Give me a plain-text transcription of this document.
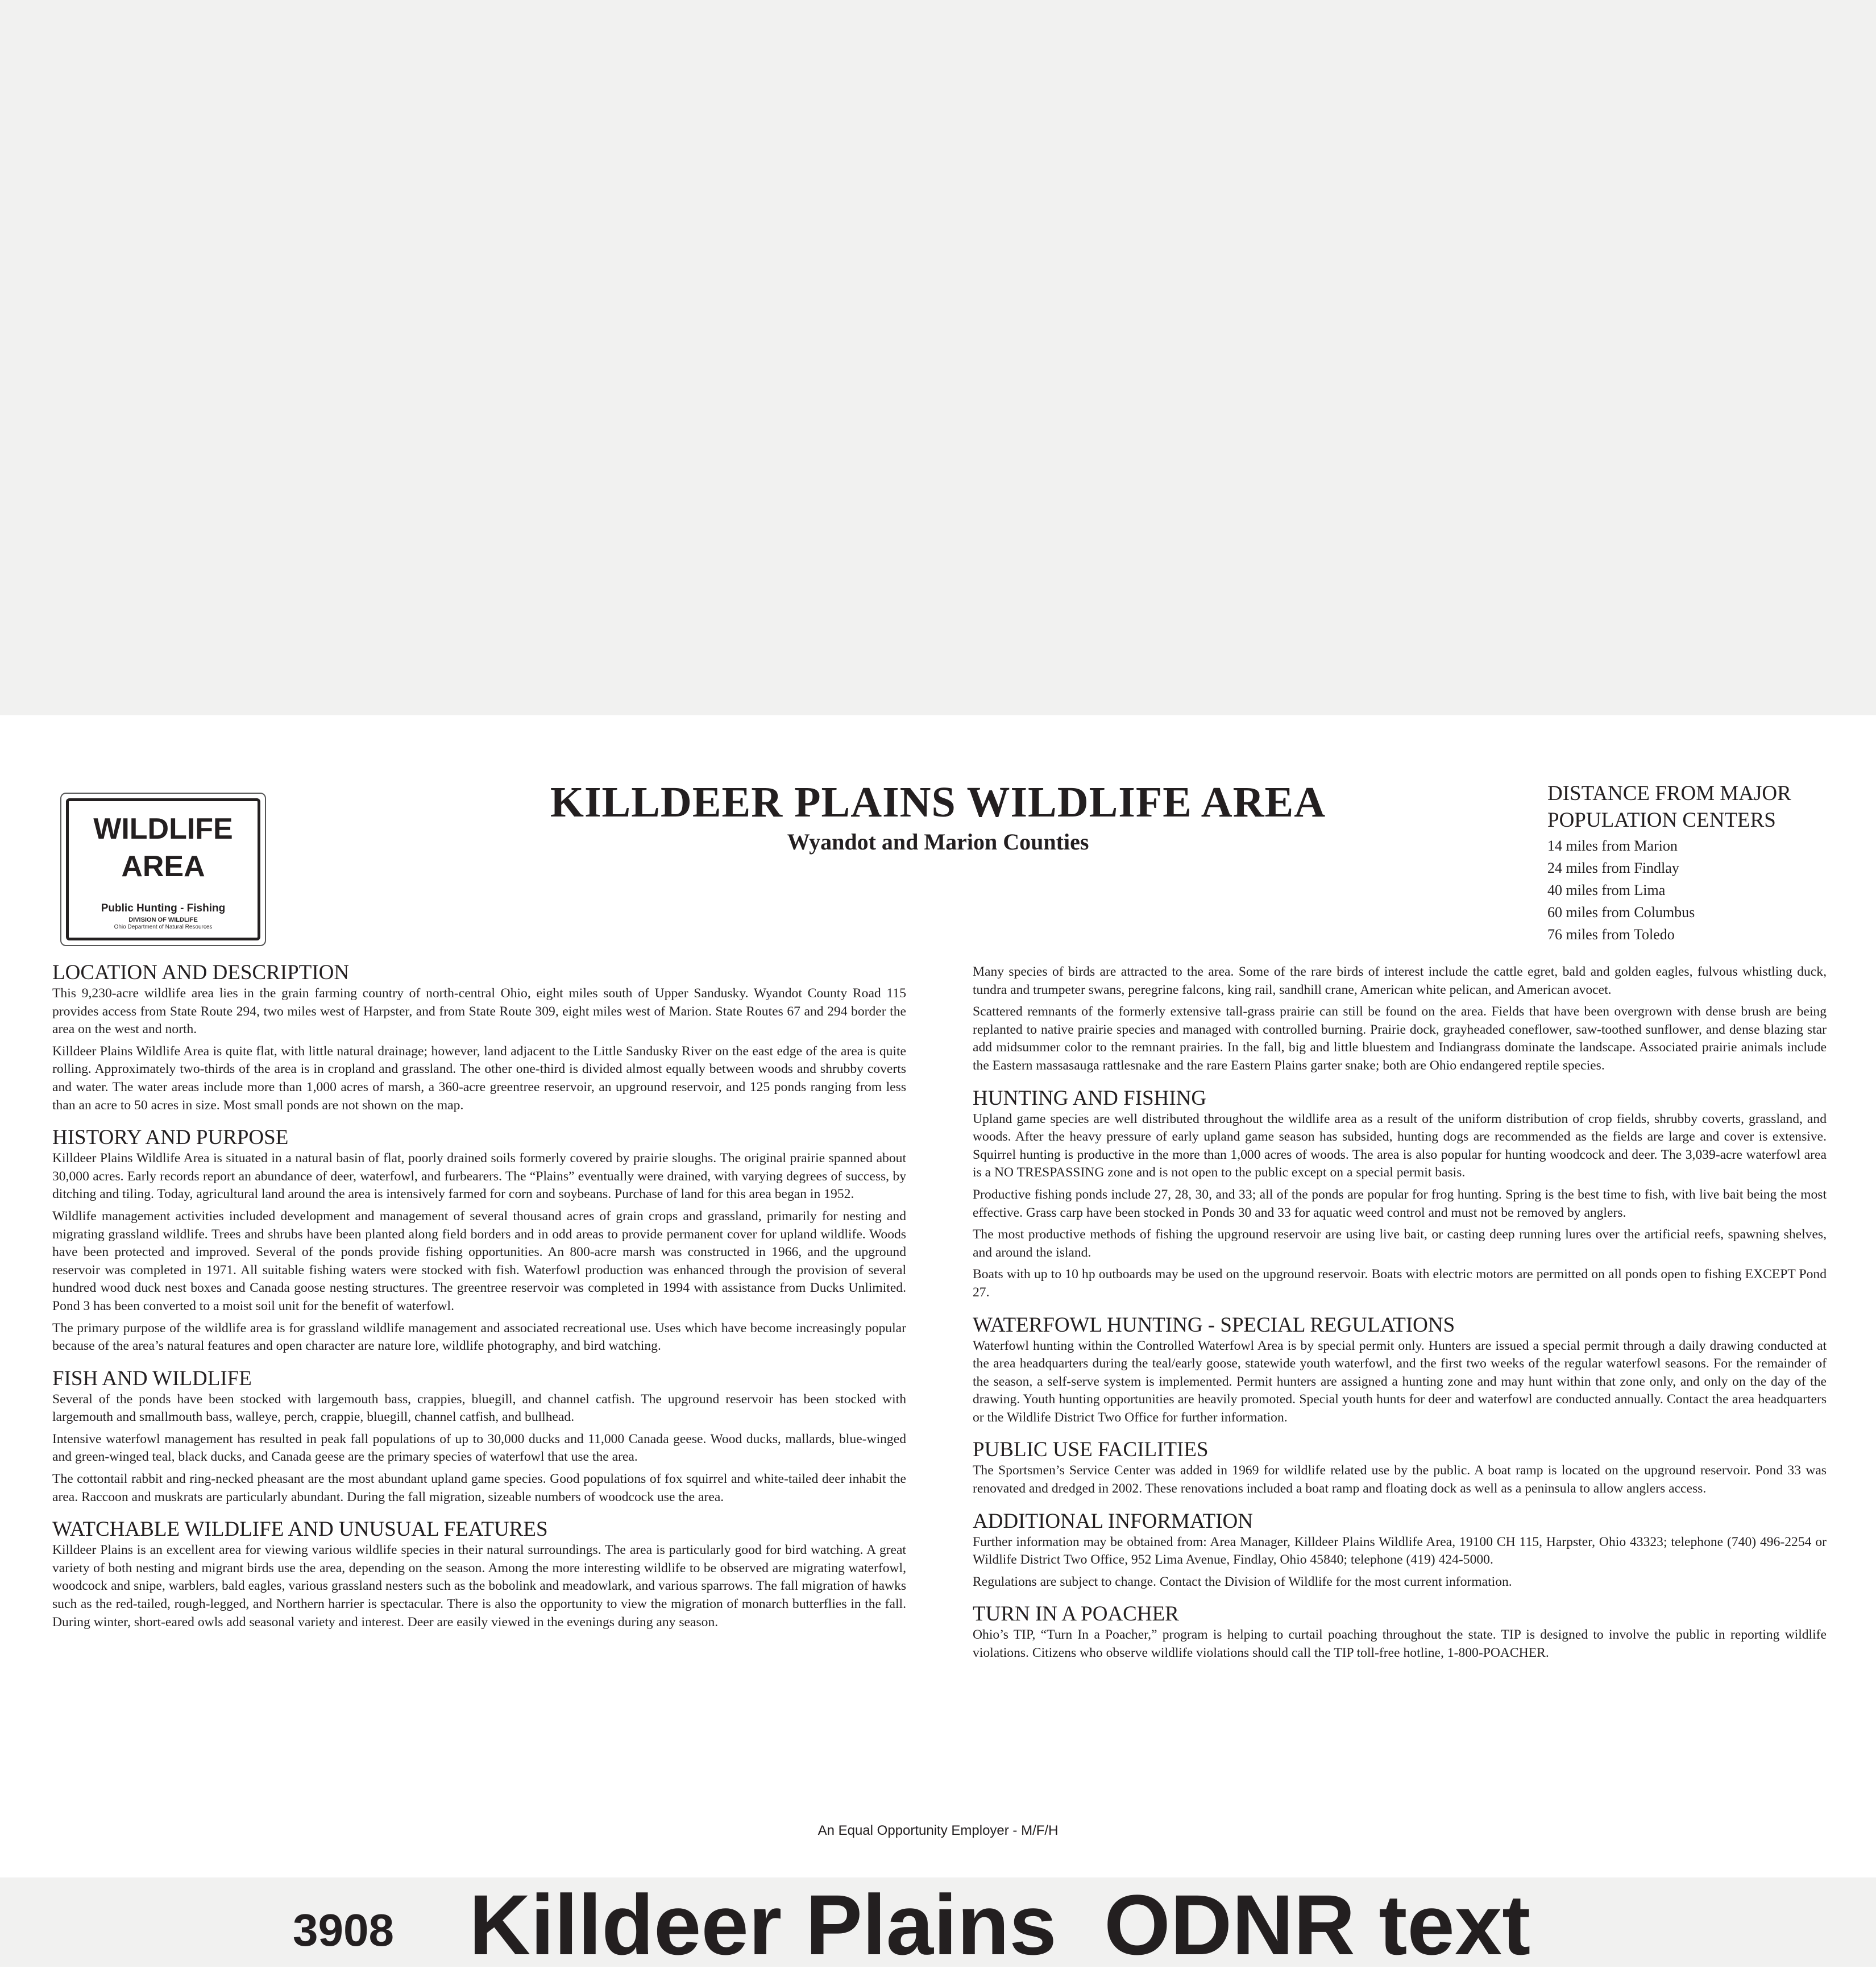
WILDLIFE
AREA
Public Hunting - Fishing
DIVISION OF WILDLIFE
Ohio Department of Natural Resources
KILLDEER PLAINS WILDLIFE AREA
Wyandot and Marion Counties
DISTANCE FROM MAJOR
POPULATION CENTERS
14 miles from Marion
24 miles from Findlay
40 miles from Lima
60 miles from Columbus
76 miles from Toledo
LOCATION AND DESCRIPTION

This 9,230-acre wildlife area lies in the grain farming country of north-central Ohio, eight miles south of Upper Sandusky. Wyandot County Road 115 provides access from State Route 294, two miles west of Harpster, and from State Route 309, eight miles west of Marion. State Routes 67 and 294 border the area on the west and north.

Killdeer Plains Wildlife Area is quite flat, with little natural drainage; however, land adjacent to the Little Sandusky River on the east edge of the area is quite rolling. Approximately two-thirds of the area is in cropland and grassland. The other one-third is divided almost equally between woods and shrubby coverts and water. The water areas include more than 1,000 acres of marsh, a 360-acre greentree reservoir, an upground reservoir, and 125 ponds ranging from less than an acre to 50 acres in size. Most small ponds are not shown on the map.

HISTORY AND PURPOSE

Killdeer Plains Wildlife Area is situated in a natural basin of flat, poorly drained soils formerly covered by prairie sloughs. The original prairie spanned about 30,000 acres. Early records report an abundance of deer, waterfowl, and furbearers. The “Plains” eventually were drained, with varying degrees of success, by ditching and tiling. Today, agricultural land around the area is intensively farmed for corn and soybeans. Purchase of land for this area began in 1952.

Wildlife management activities included development and management of several thousand acres of grain crops and grassland, primarily for nesting and migrating grassland wildlife. Trees and shrubs have been planted along field borders and in odd areas to provide permanent cover for upland wildlife. Woods have been protected and improved. Several of the ponds provide fishing opportunities. An 800-acre marsh was constructed in 1966, and the upground reservoir was completed in 1971. All suitable fishing waters were stocked with fish. Waterfowl production was enhanced through the provision of several hundred wood duck nest boxes and Canada goose nesting structures. The greentree reservoir was completed in 1994 with assistance from Ducks Unlimited. Pond 3 has been converted to a moist soil unit for the benefit of waterfowl.

The primary purpose of the wildlife area is for grassland wildlife management and associated recreational use. Uses which have become increasingly popular because of the area’s natural features and open character are nature lore, wildlife photography, and bird watching.

FISH AND WILDLIFE

Several of the ponds have been stocked with largemouth bass, crappies, bluegill, and channel catfish. The upground reservoir has been stocked with largemouth and smallmouth bass, walleye, perch, crappie, bluegill, channel catfish, and bullhead.

Intensive waterfowl management has resulted in peak fall populations of up to 30,000 ducks and 11,000 Canada geese. Wood ducks, mallards, blue-winged and green-winged teal, black ducks, and Canada geese are the primary species of waterfowl that use the area.

The cottontail rabbit and ring-necked pheasant are the most abundant upland game species. Good populations of fox squirrel and white-tailed deer inhabit the area. Raccoon and muskrats are particularly abundant. During the fall migration, sizeable numbers of woodcock use the area.

WATCHABLE WILDLIFE AND UNUSUAL FEATURES

Killdeer Plains is an excellent area for viewing various wildlife species in their natural surroundings. The area is particularly good for bird watching. A great variety of both nesting and migrant birds use the area, depending on the season. Among the more interesting wildlife to be observed are migrating waterfowl, woodcock and snipe, warblers, bald eagles, various grassland nesters such as the bobolink and meadowlark, and various sparrows. The fall migration of hawks such as the red-tailed, rough-legged, and Northern harrier is spectacular. There is also the opportunity to view the migration of monarch butterflies in the fall. During winter, short-eared owls add seasonal variety and interest. Deer are easily viewed in the evenings during any season.

Many species of birds are attracted to the area. Some of the rare birds of interest include the cattle egret, bald and golden eagles, fulvous whistling duck, tundra and trumpeter swans, peregrine falcons, king rail, sandhill crane, American white pelican, and American avocet.

Scattered remnants of the formerly extensive tall-grass prairie can still be found on the area. Fields that have been overgrown with dense brush are being replanted to native prairie species and managed with controlled burning. Prairie dock, grayheaded coneflower, saw-toothed sunflower, and dense blazing star add midsummer color to the remnant prairies. In the fall, big and little bluestem and Indiangrass dominate the landscape. Associated prairie animals include the Eastern massasauga rattlesnake and the rare Eastern Plains garter snake; both are Ohio endangered reptile species.

HUNTING AND FISHING

Upland game species are well distributed throughout the wildlife area as a result of the uniform distribution of crop fields, shrubby coverts, grassland, and woods. After the heavy pressure of early upland game season has subsided, hunting dogs are recommended as the fields are large and cover is extensive. Squirrel hunting is productive in the more than 1,000 acres of woods. The area is also popular for hunting woodcock and deer. The 3,039-acre waterfowl area is a NO TRESPASSING zone and is not open to the public except on a special permit basis.

Productive fishing ponds include 27, 28, 30, and 33; all of the ponds are popular for frog hunting. Spring is the best time to fish, with live bait being the most effective. Grass carp have been stocked in Ponds 30 and 33 for aquatic weed control and must not be removed by anglers.

The most productive methods of fishing the upground reservoir are using live bait, or casting deep running lures over the artificial reefs, spawning shelves, and around the island.

Boats with up to 10 hp outboards may be used on the upground reservoir. Boats with electric motors are permitted on all ponds open to fishing EXCEPT Pond 27.

WATERFOWL HUNTING - SPECIAL REGULATIONS

Waterfowl hunting within the Controlled Waterfowl Area is by special permit only. Hunters are issued a special permit through a daily drawing conducted at the area headquarters during the teal/early goose, statewide youth waterfowl, and the first two weeks of the regular waterfowl seasons. For the remainder of the season, a self-serve system is implemented. Permit hunters are assigned a hunting zone and may hunt within that zone only, and only on the day of the drawing. Youth hunting opportunities are heavily promoted. Special youth hunts for deer and waterfowl are conducted annually. Contact the area headquarters or the Wildlife District Two Office for further information.

PUBLIC USE FACILITIES

The Sportsmen’s Service Center was added in 1969 for wildlife related use by the public. A boat ramp is located on the upground reservoir. Pond 33 was renovated and dredged in 2002. These renovations included a boat ramp and floating dock as well as a peninsula to allow anglers access.

ADDITIONAL INFORMATION

Further information may be obtained from: Area Manager, Killdeer Plains Wildlife Area, 19100 CH 115, Harpster, Ohio 43323; telephone (740) 496-2254 or Wildlife District Two Office, 952 Lima Avenue, Findlay, Ohio 45840; telephone (419) 424-5000.

Regulations are subject to change. Contact the Division of Wildlife for the most current information.

TURN IN A POACHER

Ohio’s TIP, “Turn In a Poacher,” program is helping to curtail poaching throughout the state. TIP is designed to involve the public in reporting wildlife violations. Citizens who observe wildlife violations should call the TIP toll-free hotline, 1-800-POACHER.

An Equal Opportunity Employer - M/F/H
3908 Killdeer Plains  ODNR text
